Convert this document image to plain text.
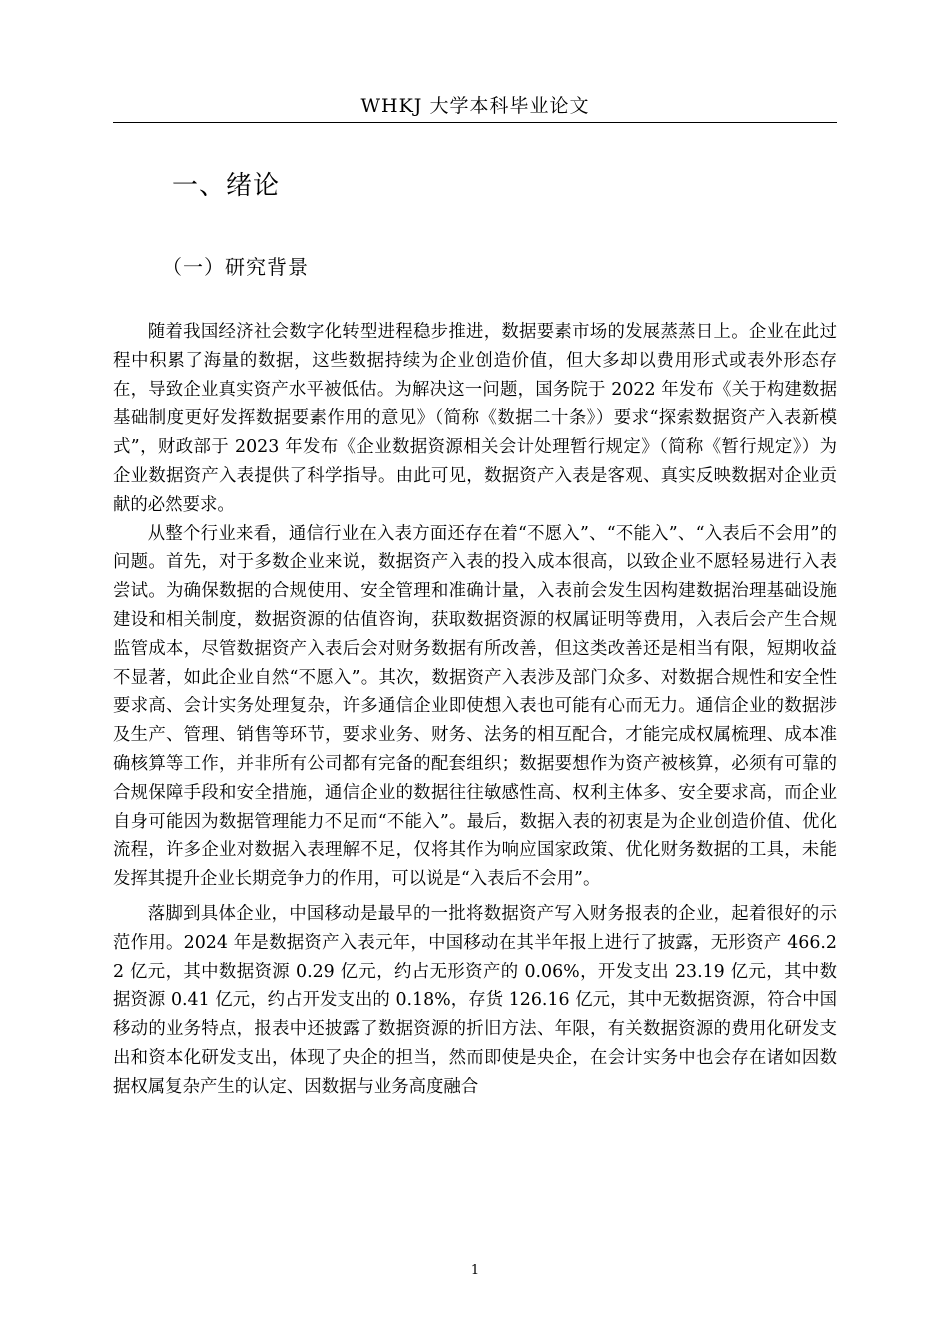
WHKJ 大学本科毕业论文
一、绪论
（一）研究背景

随着我国经济社会数字化转型进程稳步推进，数据要素市场的发展蒸蒸日上。企业在此过程中积累了海量的数据，这些数据持续为企业创造价值，但大多却以费用形式或表外形态存在，导致企业真实资产水平被低估。为解决这一问题，国务院于 2022 年发布《关于构建数据基础制度更好发挥数据要素作用的意见》（简称《数据二十条》）要求“探索数据资产入表新模式”，财政部于 2023 年发布《企业数据资源相关会计处理暂行规定》（简称《暂行规定》）为企业数据资产入表提供了科学指导。由此可见，数据资产入表是客观、真实反映数据对企业贡献的必然要求。

从整个行业来看，通信行业在入表方面还存在着“不愿入”、“不能入”、“入表后不会用”的问题。首先，对于多数企业来说，数据资产入表的投入成本很高，以致企业不愿轻易进行入表尝试。为确保数据的合规使用、安全管理和准确计量，入表前会发生因构建数据治理基础设施建设和相关制度，数据资源的估值咨询，获取数据资源的权属证明等费用，入表后会产生合规监管成本，尽管数据资产入表后会对财务数据有所改善，但这类改善还是相当有限，短期收益不显著，如此企业自然“不愿入”。其次，数据资产入表涉及部门众多、对数据合规性和安全性要求高、会计实务处理复杂，许多通信企业即使想入表也可能有心而无力。通信企业的数据涉及生产、管理、销售等环节，要求业务、财务、法务的相互配合，才能完成权属梳理、成本准确核算等工作，并非所有公司都有完备的配套组织；数据要想作为资产被核算，必须有可靠的合规保障手段和安全措施，通信企业的数据往往敏感性高、权利主体多、安全要求高，而企业自身可能因为数据管理能力不足而“不能入”。最后，数据入表的初衷是为企业创造价值、优化流程，许多企业对数据入表理解不足，仅将其作为响应国家政策、优化财务数据的工具，未能发挥其提升企业长期竞争力的作用，可以说是“入表后不会用”。

落脚到具体企业，中国移动是最早的一批将数据资产写入财务报表的企业，起着很好的示范作用。2024 年是数据资产入表元年，中国移动在其半年报上进行了披露，无形资产 466.22 亿元，其中数据资源 0.29 亿元，约占无形资产的 0.06%，开发支出 23.19 亿元，其中数据资源 0.41 亿元，约占开发支出的 0.18%，存货 126.16 亿元，其中无数据资源，符合中国移动的业务特点，报表中还披露了数据资源的折旧方法、年限，有关数据资源的费用化研发支出和资本化研发支出，体现了央企的担当，然而即使是央企，在会计实务中也会存在诸如因数据权属复杂产生的认定、因数据与业务高度融合

1
